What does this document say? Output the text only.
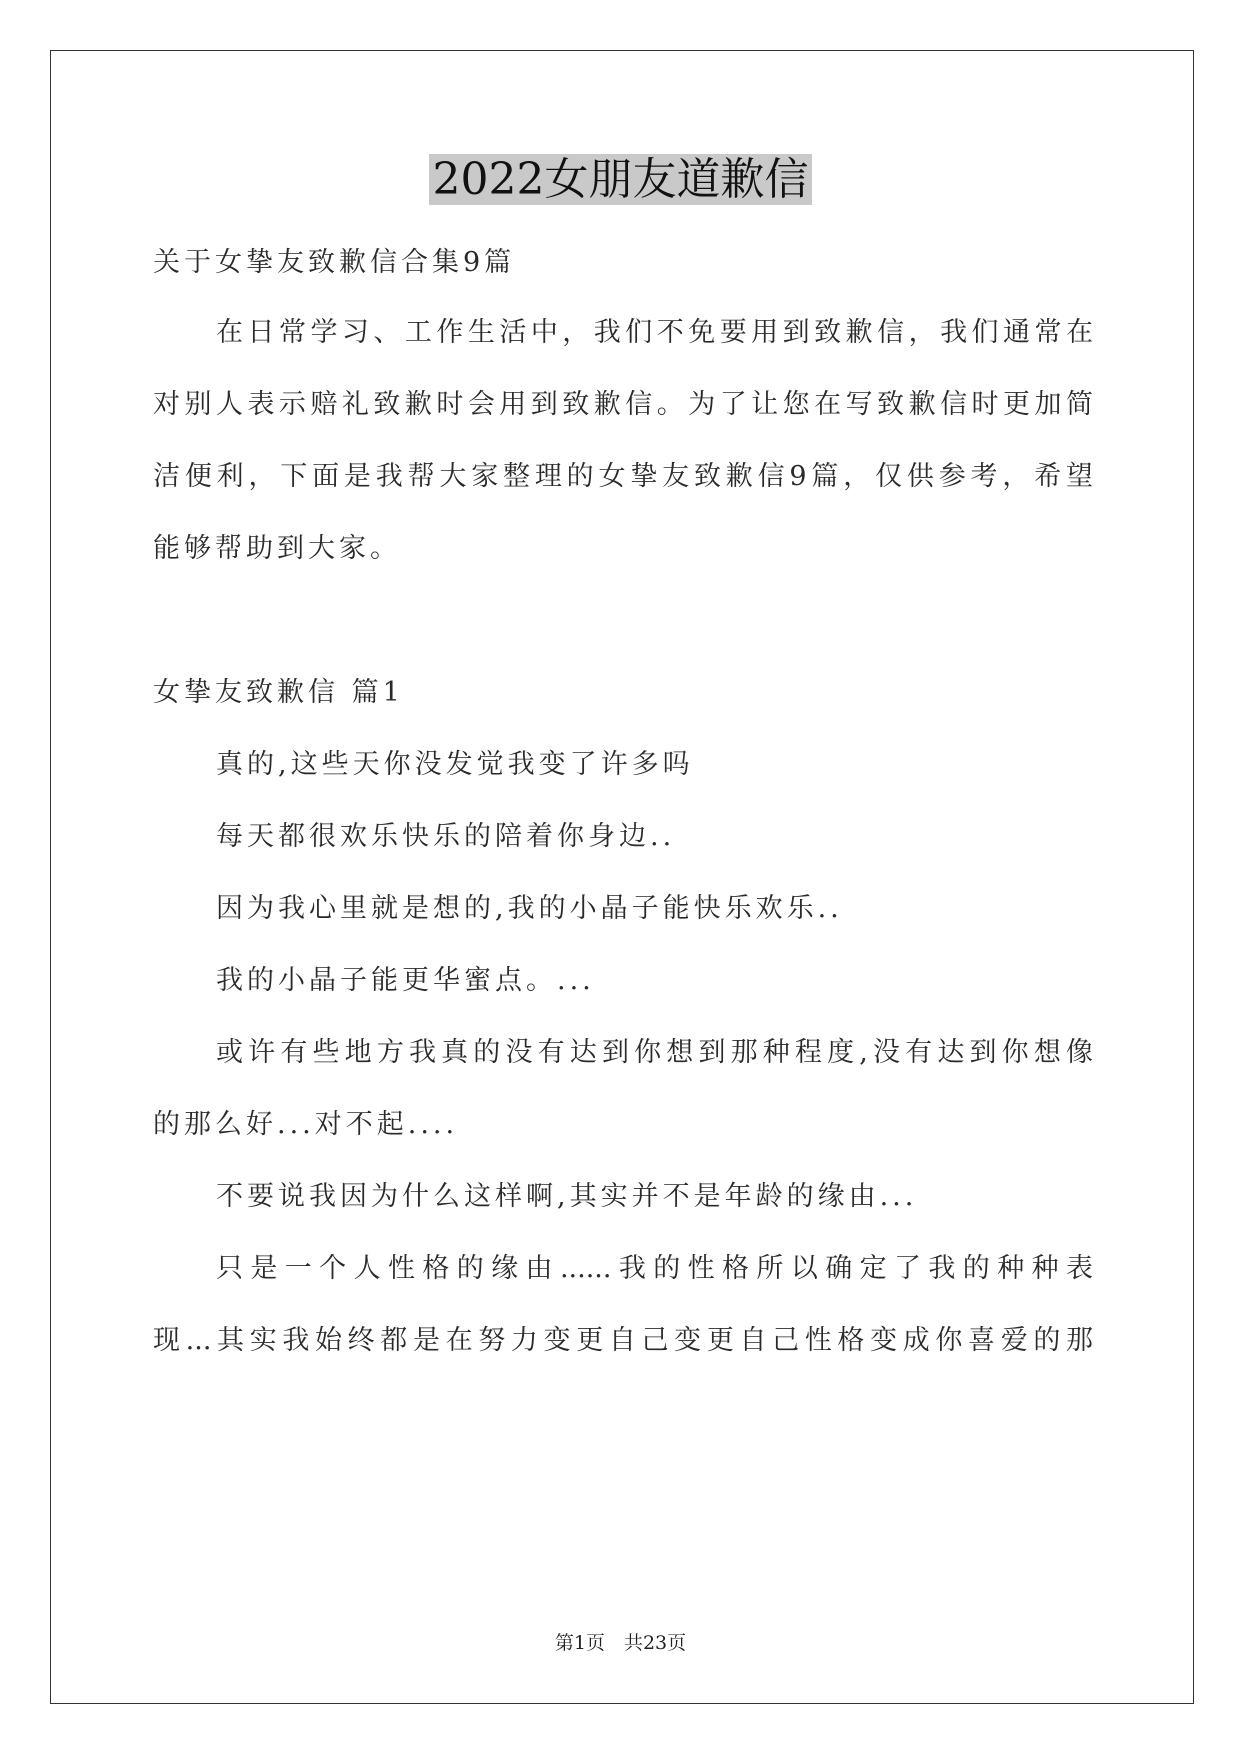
2022女朋友道歉信
关于女挚友致歉信合集9篇
在日常学习、工作生活中，我们不免要用到致歉信，我们通常在
对别人表示赔礼致歉时会用到致歉信。为了让您在写致歉信时更加简
洁便利，下面是我帮大家整理的女挚友致歉信9篇，仅供参考，希望
能够帮助到大家。
女挚友致歉信 篇1
真的,这些天你没发觉我变了许多吗
每天都很欢乐快乐的陪着你身边..
因为我心里就是想的,我的小晶子能快乐欢乐..
我的小晶子能更华蜜点。...
或许有些地方我真的没有达到你想到那种程度,没有达到你想像
的那么好...对不起....
不要说我因为什么这样啊,其实并不是年龄的缘由...
只是一个人性格的缘由......我的性格所以确定了我的种种表
现...其实我始终都是在努力变更自己变更自己性格变成你喜爱的那
第1页　共23页
